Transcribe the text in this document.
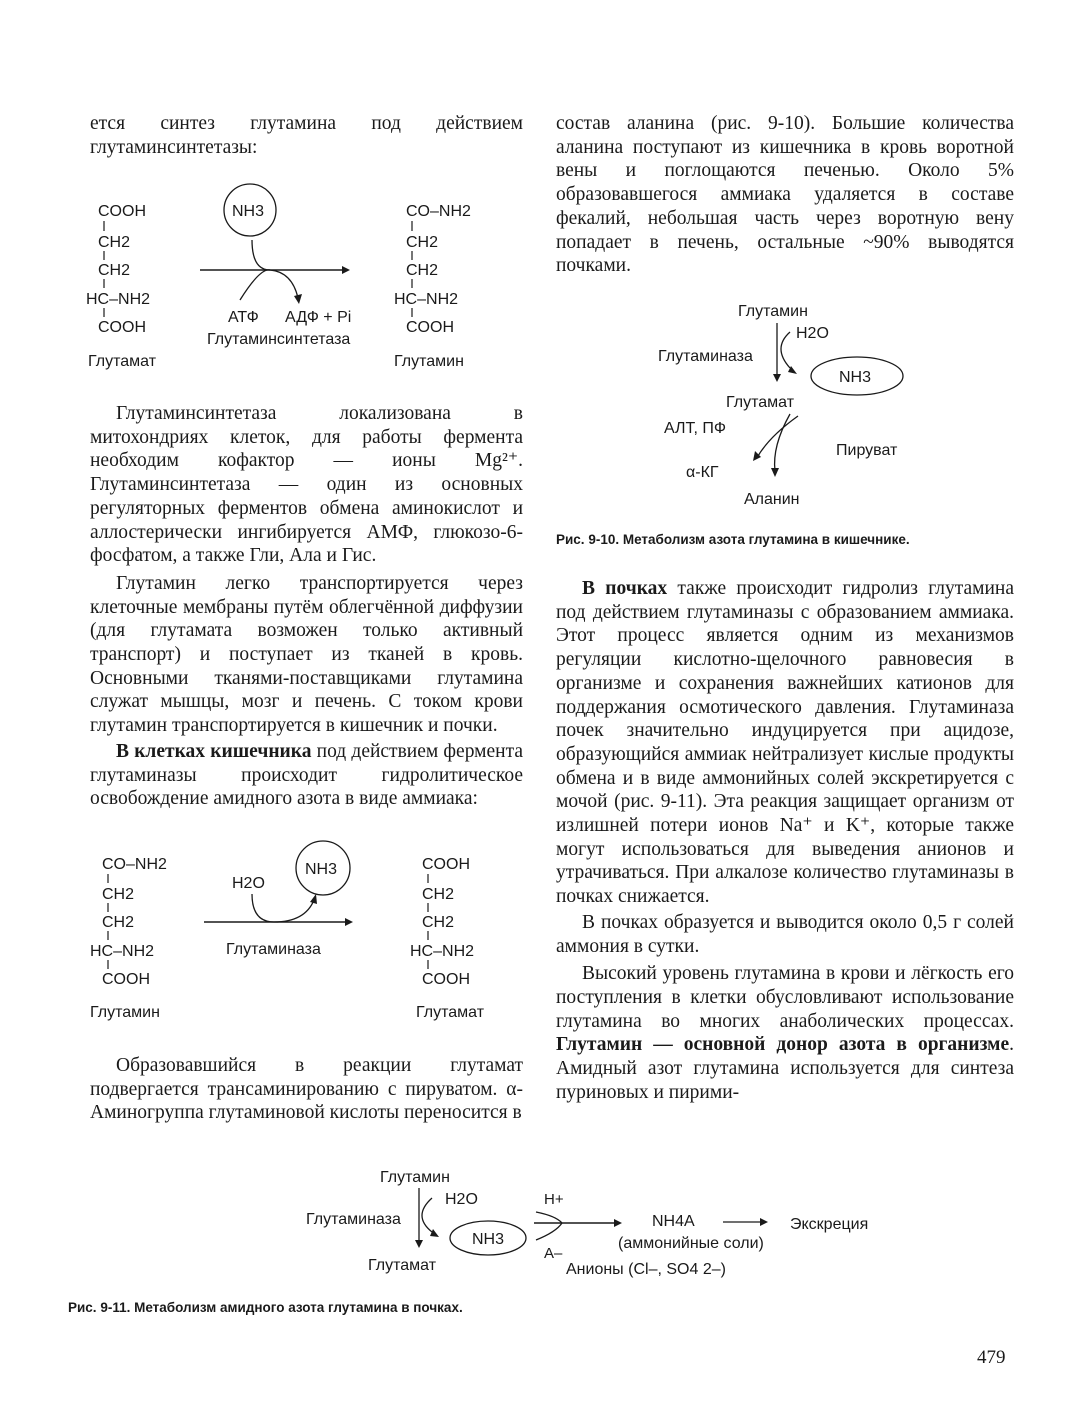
ется синтез глутамина под действием глутаминсинтетазы:

COOH
CH2
CH2
HC–NH2
COOH
Глутамат
NH3
АТФ АДФ + Pi
Глутаминсинтетаза
CO–NH2
CH2
CH2
HC–NH2
COOH
Глутамин

Глутаминсинтетаза локализована в митохондриях клеток, для работы фермента необходим кофактор — ионы Mg²⁺. Глутаминсинтетаза — один из основных регуляторных ферментов обмена аминокислот и аллостерически ингибируется АМФ, глюкозо-6-фосфатом, а также Гли, Ала и Гис.

Глутамин легко транспортируется через клеточные мембраны путём облегчённой диффузии (для глутамата возможен только активный транспорт) и поступает из тканей в кровь. Основными тканями-поставщиками глутамина служат мышцы, мозг и печень. С током крови глутамин транспортируется в кишечник и почки.

В клетках кишечника под действием фермента глутаминазы происходит гидролитическое освобождение амидного азота в виде аммиака:

CO–NH2
CH2
CH2
HC–NH2
COOH
Глутамин
H2O
NH3
Глутаминаза
COOH
CH2
CH2
HC–NH2
COOH
Глутамат

Образовавшийся в реакции глутамат подвергается трансаминированию с пируватом. α-Аминогруппа глутаминовой кислоты переносится в

состав аланина (рис. 9-10). Большие количества аланина поступают из кишечника в кровь воротной вены и поглощаются печенью. Около 5% образовавшегося аммиака удаляется в составе фекалий, небольшая часть через воротную вену попадает в печень, остальные ~90% выводятся почками.

Глутамин
H2O
Глутаминаза
NH3
Глутамат
АЛТ, ПФ
Пируват
α-КГ
Аланин
Рис. 9-10. Метаболизм азота глутамина в кишечнике.

В почках также происходит гидролиз глутамина под действием глутаминазы с образованием аммиака. Этот процесс является одним из механизмов регуляции кислотно-щелочного равновесия в организме и сохранения важнейших катионов для поддержания осмотического давления. Глутаминаза почек значительно индуцируется при ацидозе, образующийся аммиак нейтрализует кислые продукты обмена и в виде аммонийных солей экскретируется с мочой (рис. 9-11). Эта реакция защищает организм от излишней потери ионов Na⁺ и K⁺, которые также могут использоваться для выведения анионов и утрачиваться. При алкалозе количество глутаминазы в почках снижается.

В почках образуется и выводится около 0,5 г солей аммония в сутки.

Высокий уровень глутамина в крови и лёгкость его поступления в клетки обусловливают использование глутамина во многих анаболических процессах. Глутамин — основной донор азота в организме. Амидный азот глутамина используется для синтеза пуриновых и пирими-

Глутамин
H2O
Глутаминаза
NH3
Глутамат
H+
A–
NH4A
(аммонийные соли)
Анионы (Cl–, SO4 2–)
Экскреция
Рис. 9-11. Метаболизм амидного азота глутамина в почках.
479
